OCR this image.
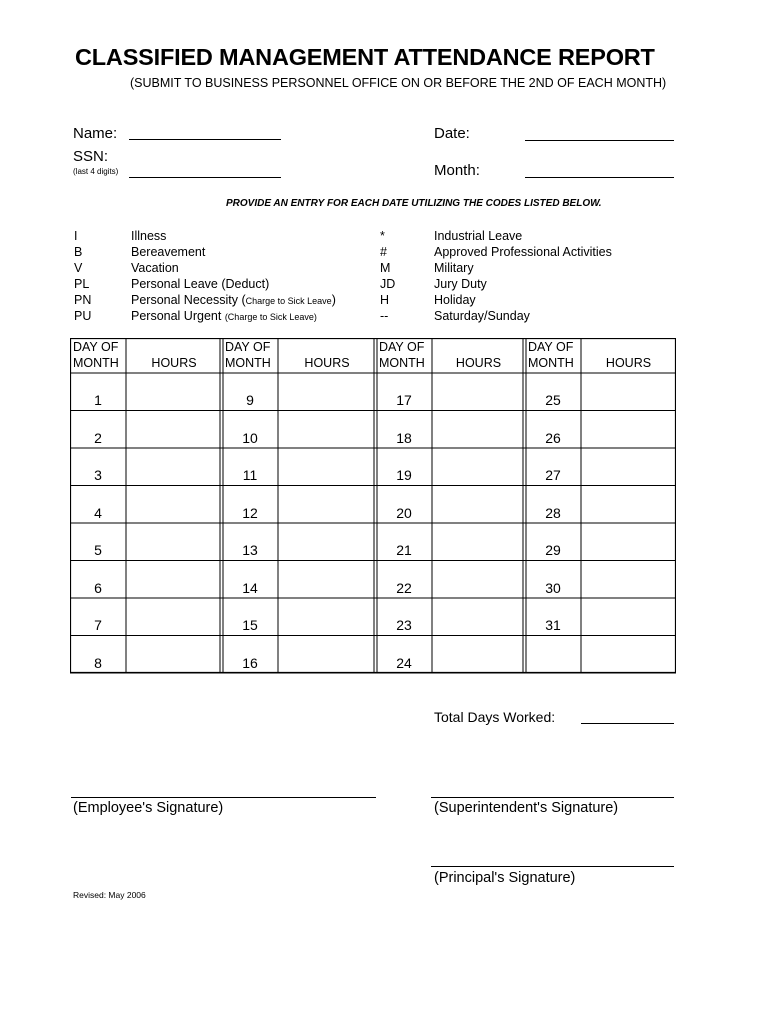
CLASSIFIED MANAGEMENT ATTENDANCE REPORT
(SUBMIT TO BUSINESS PERSONNEL OFFICE ON OR BEFORE THE 2ND OF EACH MONTH)
Name:
SSN:
(last 4 digits)
Date:
Month:
PROVIDE AN ENTRY FOR EACH DATE UTILIZING THE CODES LISTED BELOW.
I	Illness
B	Bereavement
V	Vacation
PL	Personal Leave (Deduct)
PN	Personal Necessity (Charge to Sick Leave)
PU	Personal Urgent (Charge to Sick Leave)
*	Industrial Leave
#	Approved Professional Activities
M	Military
JD	Jury Duty
H	Holiday
--	Saturday/Sunday
DAY OF
MONTH	HOURS
1
2
3
4
5
6
7
8
DAY OF
MONTH	HOURS
9
10
11
12
13
14
15
16
DAY OF
MONTH	HOURS
17
18
19
20
21
22
23
24
DAY OF
MONTH	HOURS
25
26
27
28
29
30
31
Total Days Worked:
(Employee's Signature)	(Superintendent's Signature)
(Principal's Signature)
Revised: May 2006
